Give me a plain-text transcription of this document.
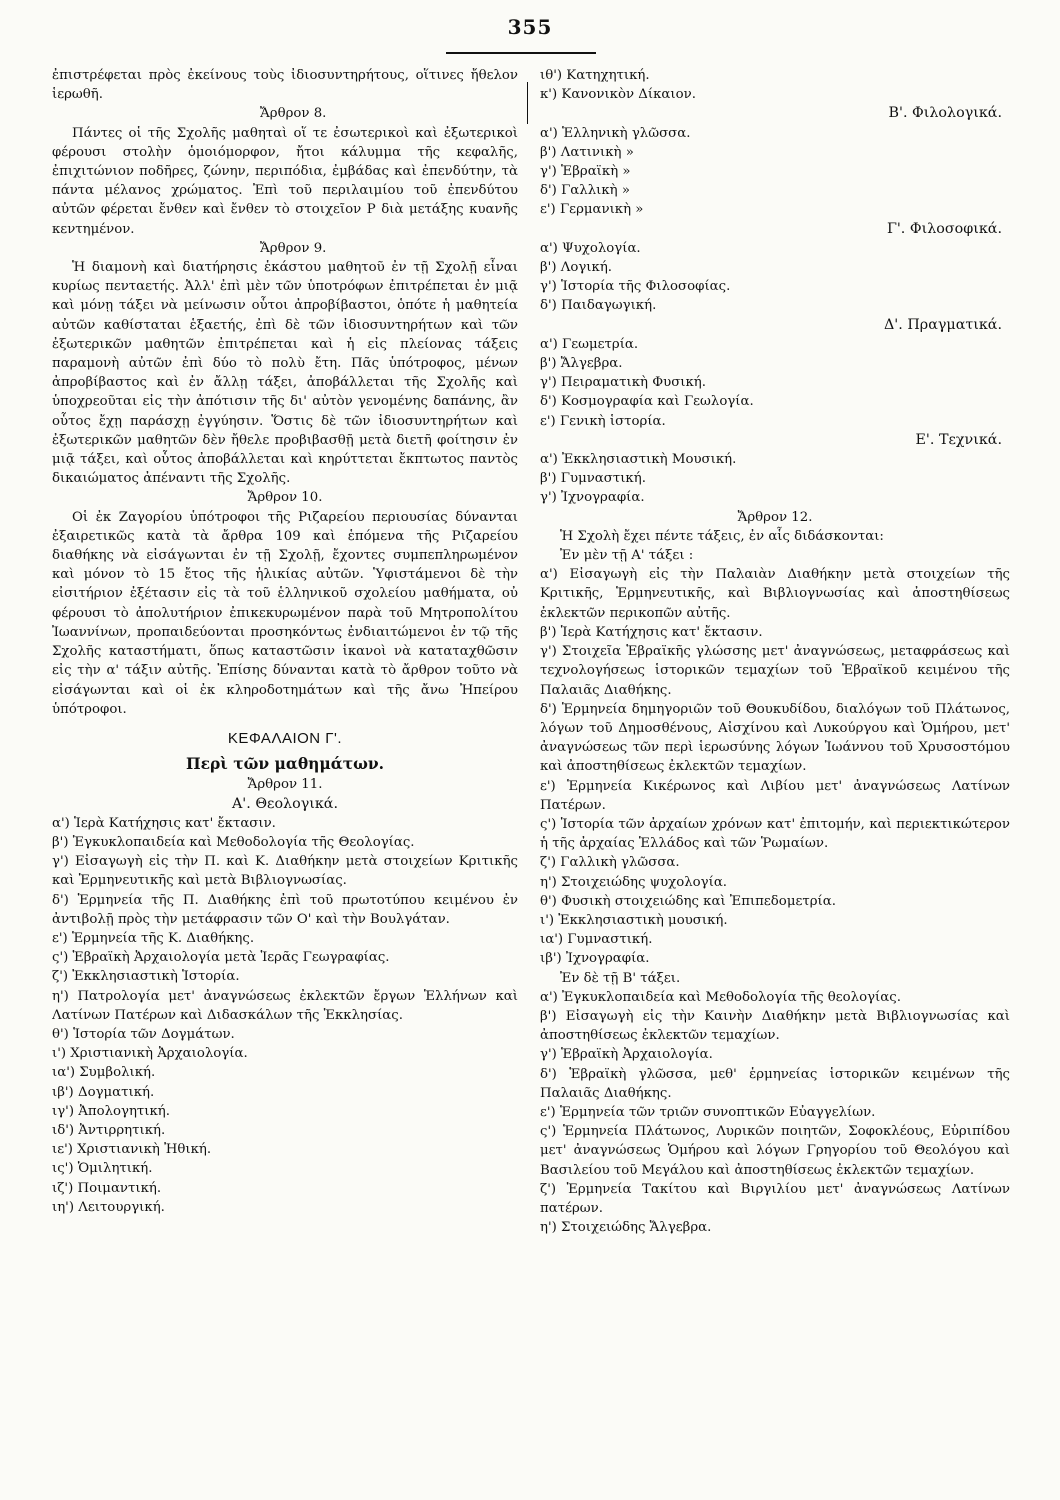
355

ἐπιστρέφεται πρὸς ἐκείνους τοὺς ἰδιοσυντηρήτους, οἵτινες ἤθελον ἱερωθῆ.

Ἄρθρον 8.

Πάντες οἱ τῆς Σχολῆς μαθηταὶ οἵ τε ἐσωτερικοὶ καὶ ἐξωτερικοὶ φέρουσι στολὴν ὁμοιόμορφον, ἤτοι κάλυμμα τῆς κεφαλῆς, ἐπιχιτώνιον ποδῆρες, ζώνην, περιπόδια, ἐμβάδας καὶ ἐπενδύτην, τὰ πάντα μέλανος χρώματος. Ἐπὶ τοῦ περιλαιμίου τοῦ ἐπενδύτου αὐτῶν φέρεται ἔνθεν καὶ ἔνθεν τὸ στοιχεῖον Ρ διὰ μετάξης κυανῆς κεντημένον.

Ἄρθρον 9.

Ἡ διαμονὴ καὶ διατήρησις ἑκάστου μαθητοῦ ἐν τῇ Σχολῇ εἶναι κυρίως πενταετής. Ἀλλ' ἐπὶ μὲν τῶν ὑποτρόφων ἐπιτρέπεται ἐν μιᾷ καὶ μόνῃ τάξει νὰ μείνωσιν οὗτοι ἀπροβίβαστοι, ὁπότε ἡ μαθητεία αὐτῶν καθίσταται ἑξαετής, ἐπὶ δὲ τῶν ἰδιοσυντηρήτων καὶ τῶν ἐξωτερικῶν μαθητῶν ἐπιτρέπεται καὶ ἡ εἰς πλείονας τάξεις παραμονὴ αὐτῶν ἐπὶ δύο τὸ πολὺ ἔτη. Πᾶς ὑπότροφος, μένων ἀπροβίβαστος καὶ ἐν ἄλλῃ τάξει, ἀποβάλλεται τῆς Σχολῆς καὶ ὑποχρεοῦται εἰς τὴν ἀπότισιν τῆς δι' αὐτὸν γενομένης δαπάνης, ἂν οὗτος ἔχῃ παράσχῃ ἐγγύησιν. Ὅστις δὲ τῶν ἰδιοσυντηρήτων καὶ ἐξωτερικῶν μαθητῶν δὲν ἤθελε προβιβασθῇ μετὰ διετῆ φοίτησιν ἐν μιᾷ τάξει, καὶ οὗτος ἀποβάλλεται καὶ κηρύττεται ἔκπτωτος παντὸς δικαιώματος ἀπέναντι τῆς Σχολῆς.

Ἄρθρον 10.

Οἱ ἐκ Ζαγορίου ὑπότροφοι τῆς Ριζαρείου περιουσίας δύνανται ἐξαιρετικῶς κατὰ τὰ ἄρθρα 109 καὶ ἑπόμενα τῆς Ριζαρείου διαθήκης νὰ εἰσάγωνται ἐν τῇ Σχολῇ, ἔχοντες συμπεπληρωμένον καὶ μόνον τὸ 15 ἔτος τῆς ἡλικίας αὐτῶν. Ὑφιστάμενοι δὲ τὴν εἰσιτήριον ἐξέτασιν εἰς τὰ τοῦ ἑλληνικοῦ σχολείου μαθήματα, οὐ φέρουσι τὸ ἀπολυτήριον ἐπικεκυρωμένον παρὰ τοῦ Μητροπολίτου Ἰωαννίνων, προπαιδεύονται προσηκόντως ἐνδιαιτώμενοι ἐν τῷ τῆς Σχολῆς καταστήματι, ὅπως καταστῶσιν ἱκανοὶ νὰ καταταχθῶσιν εἰς τὴν α' τάξιν αὐτῆς. Ἐπίσης δύνανται κατὰ τὸ ἄρθρον τοῦτο νὰ εἰσάγωνται καὶ οἱ ἐκ κληροδοτημάτων καὶ τῆς ἄνω Ἠπείρου ὑπότροφοι.

ΚΕΦΑΛΑΙΟΝ Γ'.

Περὶ τῶν μαθημάτων.

Ἄρθρον 11.

Α'. Θεολογικά.

α') Ἱερὰ Κατήχησις κατ' ἔκτασιν.

β') Ἐγκυκλοπαιδεία καὶ Μεθοδολογία τῆς Θεολογίας.

γ') Εἰσαγωγὴ εἰς τὴν Π. καὶ Κ. Διαθήκην μετὰ στοιχείων Κριτικῆς καὶ Ἑρμηνευτικῆς καὶ μετὰ Βιβλιογνωσίας.

δ') Ἑρμηνεία τῆς Π. Διαθήκης ἐπὶ τοῦ πρωτοτύπου κειμένου ἐν ἀντιβολῇ πρὸς τὴν μετάφρασιν τῶν Ο' καὶ τὴν Βουλγάταν.

ε') Ἑρμηνεία τῆς Κ. Διαθήκης.

ς') Ἑβραϊκὴ Ἀρχαιολογία μετὰ Ἱερᾶς Γεωγραφίας.

ζ') Ἐκκλησιαστικὴ Ἱστορία.

η') Πατρολογία μετ' ἀναγνώσεως ἐκλεκτῶν ἔργων Ἑλλήνων καὶ Λατίνων Πατέρων καὶ Διδασκάλων τῆς Ἐκκλησίας.

θ') Ἱστορία τῶν Δογμάτων.

ι') Χριστιανικὴ Ἀρχαιολογία.

ια') Συμβολική.

ιβ') Δογματική.

ιγ') Ἀπολογητική.

ιδ') Ἀντιρρητική.

ιε') Χριστιανικὴ Ἠθική.

ις') Ὁμιλητική.

ιζ') Ποιμαντική.

ιη') Λειτουργική.

ιθ') Κατηχητική.

κ') Κανονικὸν Δίκαιον.

Β'. Φιλολογικά.

α') Ἑλληνικὴ γλῶσσα.

β') Λατινικὴ »

γ') Ἑβραϊκὴ »

δ') Γαλλικὴ »

ε') Γερμανικὴ »

Γ'. Φιλοσοφικά.

α') Ψυχολογία.

β') Λογική.

γ') Ἱστορία τῆς Φιλοσοφίας.

δ') Παιδαγωγική.

Δ'. Πραγματικά.

α') Γεωμετρία.

β') Ἄλγεβρα.

γ') Πειραματικὴ Φυσική.

δ') Κοσμογραφία καὶ Γεωλογία.

ε') Γενικὴ ἱστορία.

Ε'. Τεχνικά.

α') Ἐκκλησιαστικὴ Μουσική.

β') Γυμναστική.

γ') Ἰχνογραφία.

Ἄρθρον 12.

Ἡ Σχολὴ ἔχει πέντε τάξεις, ἐν αἷς διδάσκονται:

Ἐν μὲν τῇ Α' τάξει :

α') Εἰσαγωγὴ εἰς τὴν Παλαιὰν Διαθήκην μετὰ στοιχείων τῆς Κριτικῆς, Ἑρμηνευτικῆς, καὶ Βιβλιογνωσίας καὶ ἀποστηθίσεως ἐκλεκτῶν περικοπῶν αὐτῆς.

β') Ἱερὰ Κατήχησις κατ' ἔκτασιν.

γ') Στοιχεῖα Ἑβραϊκῆς γλώσσης μετ' ἀναγνώσεως, μεταφράσεως καὶ τεχνολογήσεως ἱστορικῶν τεμαχίων τοῦ Ἑβραϊκοῦ κειμένου τῆς Παλαιᾶς Διαθήκης.

δ') Ἑρμηνεία δημηγοριῶν τοῦ Θουκυδίδου, διαλόγων τοῦ Πλάτωνος, λόγων τοῦ Δημοσθένους, Αἰσχίνου καὶ Λυκούργου καὶ Ὁμήρου, μετ' ἀναγνώσεως τῶν περὶ ἱερωσύνης λόγων Ἰωάννου τοῦ Χρυσοστόμου καὶ ἀποστηθίσεως ἐκλεκτῶν τεμαχίων.

ε') Ἑρμηνεία Κικέρωνος καὶ Λιβίου μετ' ἀναγνώσεως Λατίνων Πατέρων.

ς') Ἱστορία τῶν ἀρχαίων χρόνων κατ' ἐπιτομήν, καὶ περιεκτικώτερον ἡ τῆς ἀρχαίας Ἑλλάδος καὶ τῶν Ῥωμαίων.

ζ') Γαλλικὴ γλῶσσα.

η') Στοιχειώδης ψυχολογία.

θ') Φυσικὴ στοιχειώδης καὶ Ἐπιπεδομετρία.

ι') Ἐκκλησιαστικὴ μουσική.

ια') Γυμναστική.

ιβ') Ἰχνογραφία.

Ἐν δὲ τῇ Β' τάξει.

α') Ἐγκυκλοπαιδεία καὶ Μεθοδολογία τῆς θεολογίας.

β') Εἰσαγωγὴ εἰς τὴν Καινὴν Διαθήκην μετὰ Βιβλιογνωσίας καὶ ἀποστηθίσεως ἐκλεκτῶν τεμαχίων.

γ') Ἑβραϊκὴ Ἀρχαιολογία.

δ') Ἑβραϊκὴ γλῶσσα, μεθ' ἑρμηνείας ἱστορικῶν κειμένων τῆς Παλαιᾶς Διαθήκης.

ε') Ἑρμηνεία τῶν τριῶν συνοπτικῶν Εὐαγγελίων.

ς') Ἑρμηνεία Πλάτωνος, Λυρικῶν ποιητῶν, Σοφοκλέους, Εὐριπίδου μετ' ἀναγνώσεως Ὁμήρου καὶ λόγων Γρηγορίου τοῦ Θεολόγου καὶ Βασιλείου τοῦ Μεγάλου καὶ ἀποστηθίσεως ἐκλεκτῶν τεμαχίων.

ζ') Ἑρμηνεία Τακίτου καὶ Βιργιλίου μετ' ἀναγνώσεως Λατίνων πατέρων.

η') Στοιχειώδης Ἄλγεβρα.
